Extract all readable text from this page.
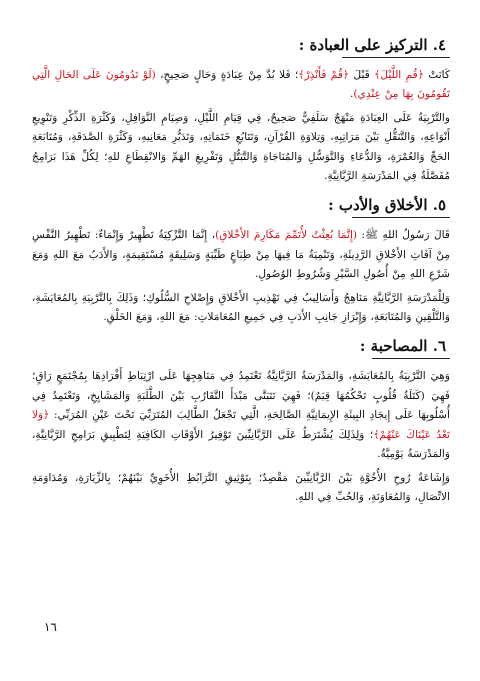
٤. التركيز على العبادة :

كَانَتْ ﴿قُمِ اللَّيْلَ﴾ قَبْلَ ﴿قُمْ فَأَنْذِرْ﴾؛ فَلا بُدَّ مِنْ عِبَادَةٍ وَحَالٍ صَحِيحٍ، (لَوْ تَدُومُونَ عَلَى الحَالِ الَّتِي تَقُومُونَ بِهَا مِنْ عِنْدِي).

والتَّرْبِيَةُ عَلَى العِبَادَةِ مَنْهَجٌ سَلَفِيٌّ صَحِيحٌ، فِي قِيَامِ اللَّيْلِ، وَصِيَامِ النَّوَافِلِ، وَكَثْرَةِ الذِّكْرِ وَتَنْوِيعِ أَنْوَاعِهِ، وَالتَّنَقُّلِ بَيْنَ مَرَاتِبِهِ، وَتِلاوَةِ القُرْآنِ، وَتَتَابُعِ خَتَمَاتِهِ، وَتَدَبُّرِ مَعَانِيهِ، وَكَثْرَةِ الصَّدَقَةِ، وَمُتَابَعَةِ الحَجِّ وَالعُمْرَةِ، وَالدُّعَاءِ وَالتَّوَسُّلِ وَالمُنَاجَاةِ وَالتَّبَتُّلِ وَتَفْرِيغِ الهَمِّ وَالانْقِطَاعِ للهِ؛ لِكُلِّ هَذَا بَرَامِجُ مُفَصَّلَةٌ فِي المَدْرَسَةِ الرَّبَّانِيَّةِ.

٥. الأخلاق والأدب :

قَالَ رَسُولُ اللهِ ﷺ: (إِنَّمَا بُعِثْتُ لأُتَمِّمَ مَكَارِمَ الأَخْلاقِ)، إِنَّمَا التَّزْكِيَةُ تَطْهِيرٌ وَإِنْمَاءٌ: تَطْهِيرُ النَّفْسِ مِنْ آفَاتِ الأَخْلاقِ الرَّدِيئَةِ، وَتَنْمِيَةُ مَا فِيهَا مِنْ طِبَاعٍ طَيِّبَةٍ وَسَلِيقَةٍ مُسْتَقِيمَةٍ، وَالأَدَبُ مَعَ اللهِ وَمَعَ شَرْعِ اللهِ مِنْ أُصُولِ السَّيْرِ وَشُرُوطِ الوُصُولِ.

وَلِلْمَدْرَسَةِ الرَّبَّانِيَّةِ مَنَاهِجُ وَأَسَالِيبُ فِي تَهْذِيبِ الأَخْلاقِ وَإِصْلاحِ السُّلُوكِ؛ وَذَلِكَ بِالتَّرْبِيَةِ بِالمُعَايَشَةِ، وَالتَّلْقِينِ وَالمُتَابَعَةِ، وَإِبْرَازِ جَانِبِ الأَدَبِ فِي جَمِيعِ المُعَامَلاتِ: مَعَ اللهِ، وَمَعَ الخَلْقِ.

٦. المصاحبة :

وَهِيَ التَّرْبِيَةُ بِالمُعَايَشَةِ، وَالمَدْرَسَةُ الرَّبَّانِيَّةُ تَعْتَمِدُ فِي مَنَاهِجِهَا عَلَى ارْتِبَاطِ أَفْرَادِهَا بِمُجْتَمَعٍ رَاقٍ؛ فَهِيَ (كَتَلَةُ قُلُوبٍ تَحْكُمُهَا قِيَمٌ)؛ فَهِيَ تَتَبَنَّى مَبْدَأَ التَّقَارُبِ بَيْنَ الطَّلَبَةِ وَالمَشَايِخِ، وَتَعْتَمِدُ فِي أُسْلُوبِهَا عَلَى إِيجَادِ البِيئَةِ الإِيمَانِيَّةِ الصَّالِحَةِ، الَّتِي تَجْعَلُ الطَّالِبَ المُتَرَبِّيَ تَحْتَ عَيْنِ المُرَبِّي: ﴿وَلا تَعْدُ عَيْنَاكَ عَنْهُمْ﴾؛ وَلِذَلِكَ يُشْتَرَطُ عَلَى الرَّبَّانِيِّينَ تَوْفِيرُ الأَوْقَاتِ الكَافِيَةِ لِتَطْبِيقِ بَرَامِجِ الرَّبَّانِيَّةِ، وَالمَدْرَسَةُ يَوْمِيَّةٌ.

وَإِشَاعَةُ رُوحِ الأُخُوَّةِ بَيْنَ الرَّبَّانِيِّينَ مَقْصِدٌ؛ بِتَوْثِيقِ التَّرَابُطِ الأُخَوِيِّ بَيْنَهُمْ؛ بِالزِّيَارَةِ، وَمُدَاوَمَةِ الاتِّصَالِ، وَالمُعَاوَنَةِ، وَالحُبِّ فِي اللهِ.

١٦
